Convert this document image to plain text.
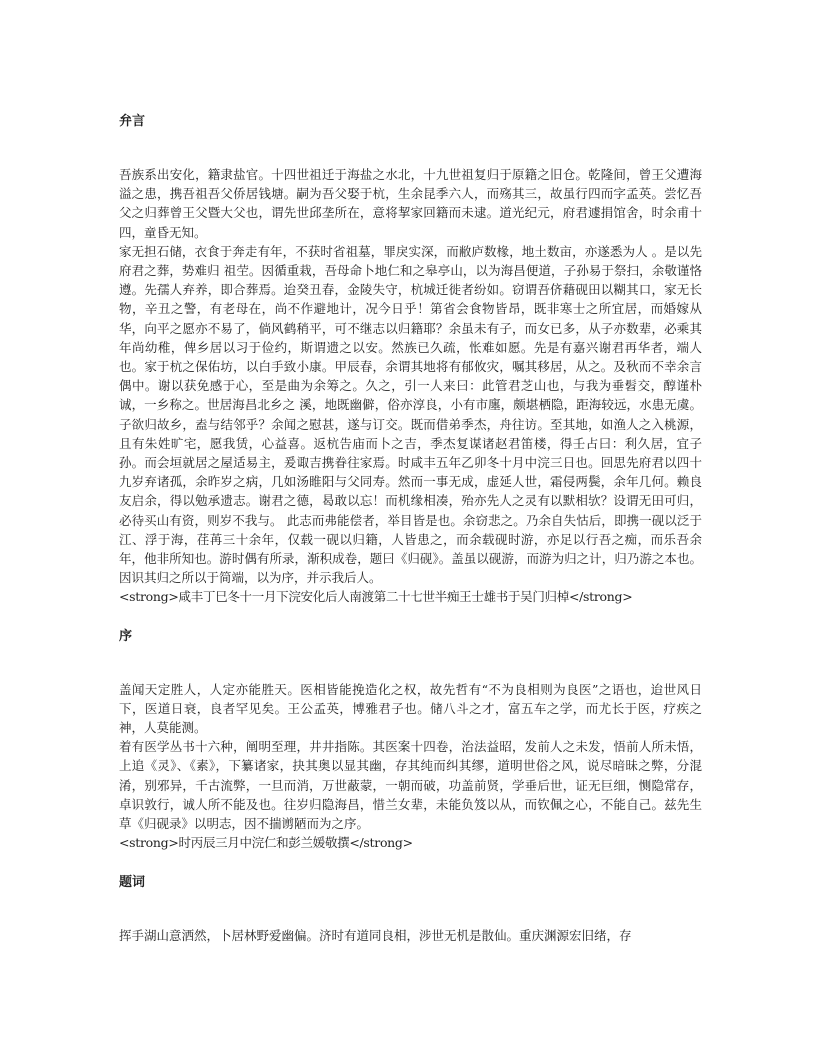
弁言

吾族系出安化，籍隶盐官。十四世祖迁于海盐之水北，十九世祖复归于原籍之旧仓。乾隆间，曾王父遭海溢之患，携吾祖吾父侨居钱塘。嗣为吾父娶于杭，生余昆季六人，而殇其三，故虽行四而字孟英。尝忆吾父之归葬曾王父暨大父也，谓先世邱垄所在，意将挈家回籍而未逮。道光纪元，府君遽捐馆舍，时余甫十四，童昏无知。

家无担石储，衣食于奔走有年，不获时省祖墓，罪戾实深，而敝庐数椽，地土数亩，亦遂悉为人 。是以先府君之葬，势难归 祖茔。因循重栽，吾母命卜地仁和之皋亭山，以为海昌便道，子孙易于祭扫，余敬谨恪遵。先孺人弃养，即合葬焉。迨癸丑春，金陵失守，杭城迁徙者纷如。窃谓吾侪藉砚田以糊其口，家无长物，辛丑之警，有老母在，尚不作避地计，况今日乎！第省会食物皆昂，既非寒士之所宜居，而婚嫁从华，向平之愿亦不易了，倘风鹤稍平，可不继志以归籍耶？余虽未有子，而女已多，从子亦数辈，必乘其年尚幼稚，俾乡居以习于俭约，斯谓遗之以安。然族已久疏，怅难如愿。先是有嘉兴谢君再华者，端人也。家于杭之保佑坊，以白手致小康。甲辰春，余谓其地将有郁攸灾，嘱其移居，从之。及秋而不幸余言偶中。谢以获免感于心，至是曲为余筹之。久之，引一人来曰：此管君芝山也，与我为垂髫交，醇谨朴诚，一乡称之。世居海昌北乡之 溪，地既幽僻，俗亦淳良，小有市廛，颇堪栖隐，距海较远，水患无虞。子欲归故乡，盍与结邻乎？余闻之慰甚，遂与订交。既而借弟季杰，舟往访。至其地，如渔人之入桃源，且有朱姓旷宅，愿我赁，心益喜。返杭告庙而卜之吉，季杰复谋诸赵君笛楼，得壬占曰：利久居，宜子孙。而会垣就居之屋适易主，爰诹吉携眷往家焉。时咸丰五年乙卯冬十月中浣三日也。回思先府君以四十九岁弃诸孤，余昨岁之病，几如汤睢阳与父同寿。然而一事无成，虚延人世，霜侵两鬓，余年几何。赖良友启余，得以勉承遗志。谢君之德，曷敢以忘！而机缘相凑，殆亦先人之灵有以默相欤？设谓无田可归，必待买山有资，则岁不我与。 此志而弗能偿者，举目皆是也。余窃悲之。乃余自失怙后，即携一砚以泛于江、浮于海，荏苒三十余年，仅载一砚以归籍，人皆患之，而余载砚时游，亦足以行吾之痴，而乐吾余年，他非所知也。游时偶有所录，渐积成卷，题曰《归砚》。盖虽以砚游，而游为归之计，归乃游之本也。因识其归之所以于简端，以为序，并示我后人。

<strong>咸丰丁巳冬十一月下浣安化后人南渡第二十七世半痴王士雄书于吴门归棹</strong>

序

盖闻天定胜人，人定亦能胜天。医相皆能挽造化之权，故先哲有“不为良相则为良医”之语也，迨世风日下，医道日衰，良者罕见矣。王公孟英，博雅君子也。储八斗之才，富五车之学，而尤长于医，疗疾之神，人莫能测。

着有医学丛书十六种，阐明至理，井井指陈。其医案十四卷，治法益昭，发前人之未发，悟前人所未悟，上追《灵》、《素》，下纂诸家，抉其奥以显其幽，存其纯而纠其缪，道明世俗之风，说尽暗昧之弊，分混淆，别邪异，千古流弊，一旦而消，万世蔽蒙，一朝而破，功盖前贤，学垂后世，证无巨细，恻隐常存，卓识敦行，诚人所不能及也。往岁归隐海昌，惜兰女辈，未能负笈以从，而钦佩之心，不能自己。兹先生草《归砚录》以明志，因不揣谫陋而为之序。

<strong>时丙辰三月中浣仁和彭兰媛敬撰</strong>

题词

挥手湖山意洒然，卜居林野爱幽偏。济时有道同良相，涉世无机是散仙。重庆渊源宏旧绪，存
